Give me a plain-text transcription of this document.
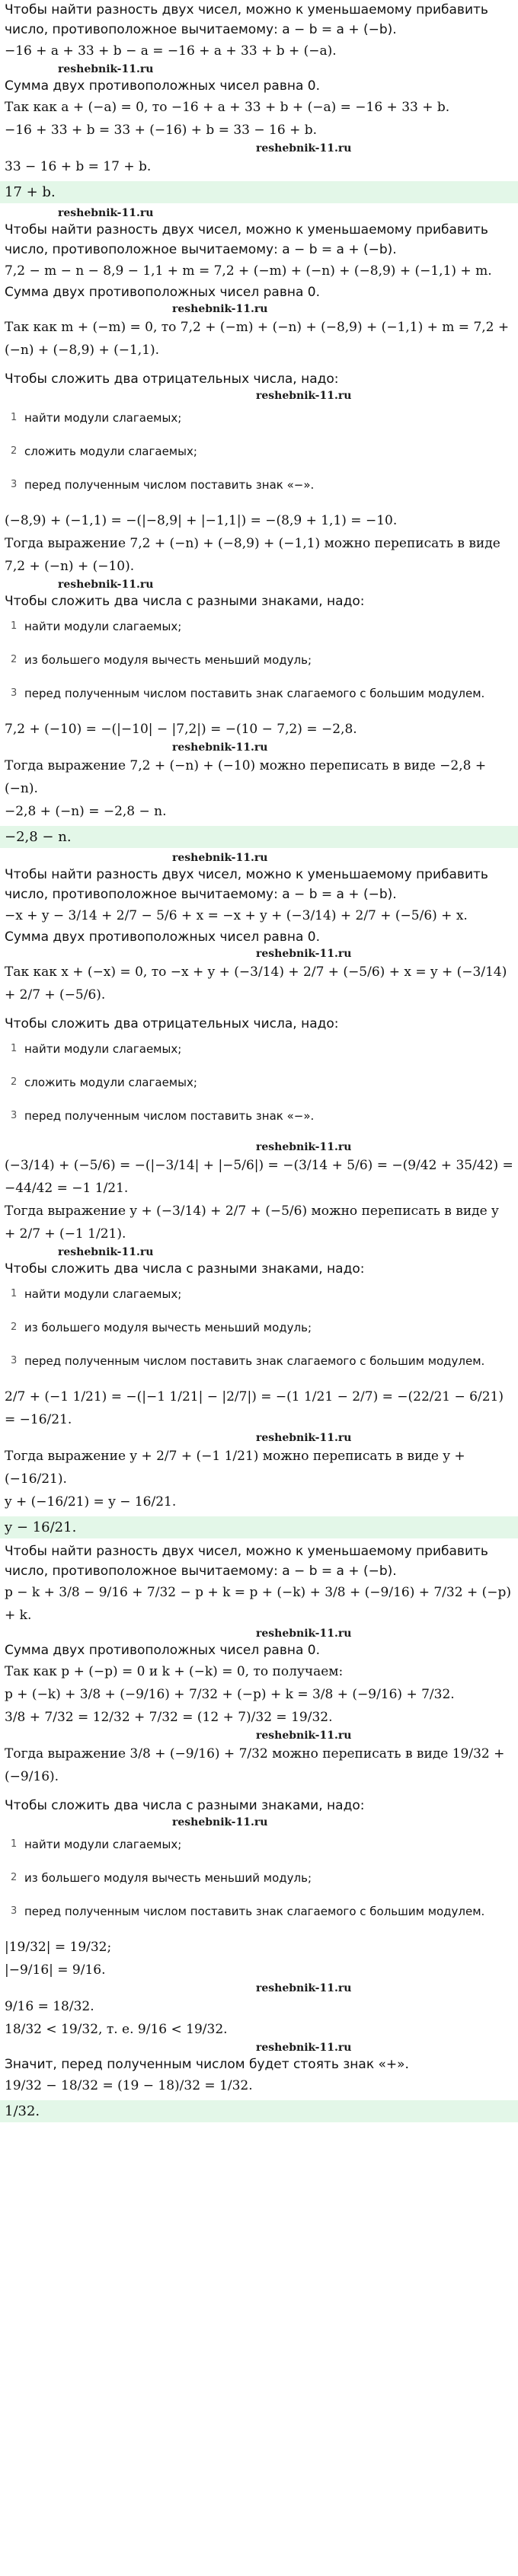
Чтобы найти разность двух чисел, можно к уменьшаемому прибавить число, противоположное вычитаемому: a − b = a + (−b).

−16 + a + 33 + b − a = −16 + a + 33 + b + (−a).

reshebnik-11.ru

Сумма двух противоположных чисел равна 0.

Так как a + (−a) = 0, то −16 + a + 33 + b + (−a) = −16 + 33 + b.

−16 + 33 + b = 33 + (−16) + b = 33 − 16 + b.

reshebnik-11.ru

33 − 16 + b = 17 + b.

17 + b.
reshebnik-11.ru

Чтобы найти разность двух чисел, можно к уменьшаемому прибавить число, противоположное вычитаемому: a − b = a + (−b).

7,2 − m − n − 8,9 − 1,1 + m = 7,2 + (−m) + (−n) + (−8,9) + (−1,1) + m.

Сумма двух противоположных чисел равна 0.

reshebnik-11.ru

Так как m + (−m) = 0, то 7,2 + (−m) + (−n) + (−8,9) + (−1,1) + m = 7,2 + (−n) + (−8,9) + (−1,1).

Чтобы сложить два отрицательных числа, надо:

reshebnik-11.ru
1 найти модули слагаемых;
2 сложить модули слагаемых;
3 перед полученным числом поставить знак «−».

(−8,9) + (−1,1) = −(|−8,9| + |−1,1|) = −(8,9 + 1,1) = −10.

Тогда выражение 7,2 + (−n) + (−8,9) + (−1,1) можно переписать в виде 7,2 + (−n) + (−10).

reshebnik-11.ru

Чтобы сложить два числа с разными знаками, надо:

1 найти модули слагаемых;
2 из большего модуля вычесть меньший модуль;
3 перед полученным числом поставить знак слагаемого с большим модулем.

7,2 + (−10) = −(|−10| − |7,2|) = −(10 − 7,2) = −2,8.

reshebnik-11.ru

Тогда выражение 7,2 + (−n) + (−10) можно переписать в виде −2,8 + (−n).

−2,8 + (−n) = −2,8 − n.

−2,8 − n.
reshebnik-11.ru

Чтобы найти разность двух чисел, можно к уменьшаемому прибавить число, противоположное вычитаемому: a − b = a + (−b).

−x + y − 3/14 + 2/7 − 5/6 + x = −x + y + (−3/14) + 2/7 + (−5/6) + x.

Сумма двух противоположных чисел равна 0.

reshebnik-11.ru

Так как x + (−x) = 0, то −x + y + (−3/14) + 2/7 + (−5/6) + x = y + (−3/14) + 2/7 + (−5/6).

Чтобы сложить два отрицательных числа, надо:

1 найти модули слагаемых;
2 сложить модули слагаемых;
3 перед полученным числом поставить знак «−».
reshebnik-11.ru

(−3/14) + (−5/6) = −(|−3/14| + |−5/6|) = −(3/14 + 5/6) = −(9/42 + 35/42) = −44/42 = −1 1/21.

Тогда выражение y + (−3/14) + 2/7 + (−5/6) можно переписать в виде y + 2/7 + (−1 1/21).

reshebnik-11.ru

Чтобы сложить два числа с разными знаками, надо:

1 найти модули слагаемых;
2 из большего модуля вычесть меньший модуль;
3 перед полученным числом поставить знак слагаемого с большим модулем.

2/7 + (−1 1/21) = −(|−1 1/21| − |2/7|) = −(1 1/21 − 2/7) = −(22/21 − 6/21) = −16/21.

reshebnik-11.ru

Тогда выражение y + 2/7 + (−1 1/21) можно переписать в виде y + (−16/21).

y + (−16/21) = y − 16/21.

y − 16/21.

Чтобы найти разность двух чисел, можно к уменьшаемому прибавить число, противоположное вычитаемому: a − b = a + (−b).

p − k + 3/8 − 9/16 + 7/32 − p + k = p + (−k) + 3/8 + (−9/16) + 7/32 + (−p) + k.

reshebnik-11.ru

Сумма двух противоположных чисел равна 0.

Так как p + (−p) = 0 и k + (−k) = 0, то получаем:

p + (−k) + 3/8 + (−9/16) + 7/32 + (−p) + k = 3/8 + (−9/16) + 7/32.

3/8 + 7/32 = 12/32 + 7/32 = (12 + 7)/32 = 19/32.

reshebnik-11.ru

Тогда выражение 3/8 + (−9/16) + 7/32 можно переписать в виде 19/32 + (−9/16).

Чтобы сложить два числа с разными знаками, надо:

reshebnik-11.ru
1 найти модули слагаемых;
2 из большего модуля вычесть меньший модуль;
3 перед полученным числом поставить знак слагаемого с большим модулем.

|19/32| = 19/32;

|−9/16| = 9/16.

reshebnik-11.ru

9/16 = 18/32.

18/32 < 19/32, т. е. 9/16 < 19/32.

reshebnik-11.ru

Значит, перед полученным числом будет стоять знак «+».

19/32 − 18/32 = (19 − 18)/32 = 1/32.

1/32.
